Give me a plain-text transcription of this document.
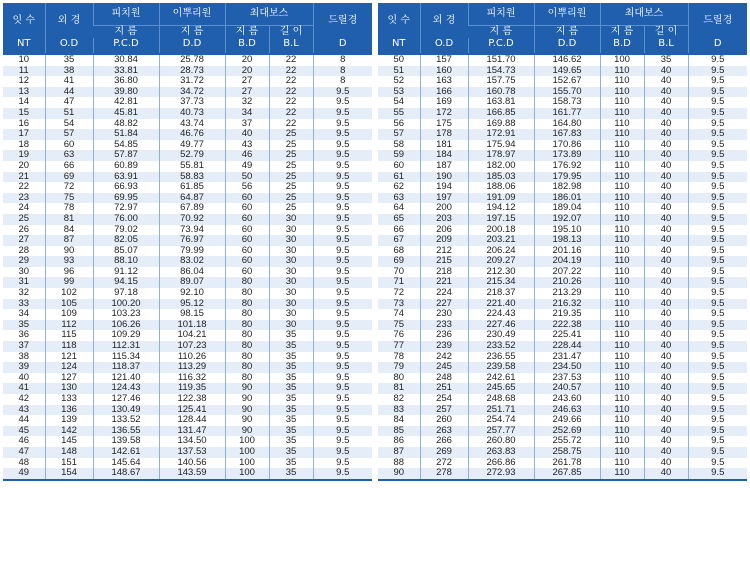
잇 수	외 경	피치원	이뿌리원	최대보스		드릴경
		지 름	지 름	지 름	길 이	
NT	O.D	P.C.D	D.D	B.D	B.L	D
10	35	30.84	25.78	20	22	8
11	38	33.81	28.73	20	22	8
12	41	36.80	31.72	27	22	8
13	44	39.80	34.72	27	22	9.5
14	47	42.81	37.73	32	22	9.5
15	51	45.81	40.73	34	22	9.5
16	54	48.82	43.74	37	22	9.5
17	57	51.84	46.76	40	25	9.5
18	60	54.85	49.77	43	25	9.5
19	63	57.87	52.79	46	25	9.5
20	66	60.89	55.81	49	25	9.5
21	69	63.91	58.83	50	25	9.5
22	72	66.93	61.85	56	25	9.5
23	75	69.95	64.87	60	25	9.5
24	78	72.97	67.89	60	25	9.5
25	81	76.00	70.92	60	30	9.5
26	84	79.02	73.94	60	30	9.5
27	87	82.05	76.97	60	30	9.5
28	90	85.07	79.99	60	30	9.5
29	93	88.10	83.02	60	30	9.5
30	96	91.12	86.04	60	30	9.5
31	99	94.15	89.07	80	30	9.5
32	102	97.18	92.10	80	30	9.5
33	105	100.20	95.12	80	30	9.5
34	109	103.23	98.15	80	30	9.5
35	112	106.26	101.18	80	30	9.5
36	115	109.29	104.21	80	35	9.5
37	118	112.31	107.23	80	35	9.5
38	121	115.34	110.26	80	35	9.5
39	124	118.37	113.29	80	35	9.5
40	127	121.40	116.32	80	35	9.5
41	130	124.43	119.35	90	35	9.5
42	133	127.46	122.38	90	35	9.5
43	136	130.49	125.41	90	35	9.5
44	139	133.52	128.44	90	35	9.5
45	142	136.55	131.47	90	35	9.5
46	145	139.58	134.50	100	35	9.5
47	148	142.61	137.53	100	35	9.5
48	151	145.64	140.56	100	35	9.5
49	154	148.67	143.59	100	35	9.5
잇 수	외 경	피치원	이뿌리원	최대보스		드릴경
		지 름	지 름	지 름	길 이	
NT	O.D	P.C.D	D.D	B.D	B.L	D
50	157	151.70	146.62	100	35	9.5
51	160	154.73	149.65	110	40	9.5
52	163	157.75	152.67	110	40	9.5
53	166	160.78	155.70	110	40	9.5
54	169	163.81	158.73	110	40	9.5
55	172	166.85	161.77	110	40	9.5
56	175	169.88	164.80	110	40	9.5
57	178	172.91	167.83	110	40	9.5
58	181	175.94	170.86	110	40	9.5
59	184	178.97	173.89	110	40	9.5
60	187	182.00	176.92	110	40	9.5
61	190	185.03	179.95	110	40	9.5
62	194	188.06	182.98	110	40	9.5
63	197	191.09	186.01	110	40	9.5
64	200	194.12	189.04	110	40	9.5
65	203	197.15	192.07	110	40	9.5
66	206	200.18	195.10	110	40	9.5
67	209	203.21	198.13	110	40	9.5
68	212	206.24	201.16	110	40	9.5
69	215	209.27	204.19	110	40	9.5
70	218	212.30	207.22	110	40	9.5
71	221	215.34	210.26	110	40	9.5
72	224	218.37	213.29	110	40	9.5
73	227	221.40	216.32	110	40	9.5
74	230	224.43	219.35	110	40	9.5
75	233	227.46	222.38	110	40	9.5
76	236	230.49	225.41	110	40	9.5
77	239	233.52	228.44	110	40	9.5
78	242	236.55	231.47	110	40	9.5
79	245	239.58	234.50	110	40	9.5
80	248	242.61	237.53	110	40	9.5
81	251	245.65	240.57	110	40	9.5
82	254	248.68	243.60	110	40	9.5
83	257	251.71	246.63	110	40	9.5
84	260	254.74	249.66	110	40	9.5
85	263	257.77	252.69	110	40	9.5
86	266	260.80	255.72	110	40	9.5
87	269	263.83	258.75	110	40	9.5
88	272	266.86	261.78	110	40	9.5
90	278	272.93	267.85	110	40	9.5
